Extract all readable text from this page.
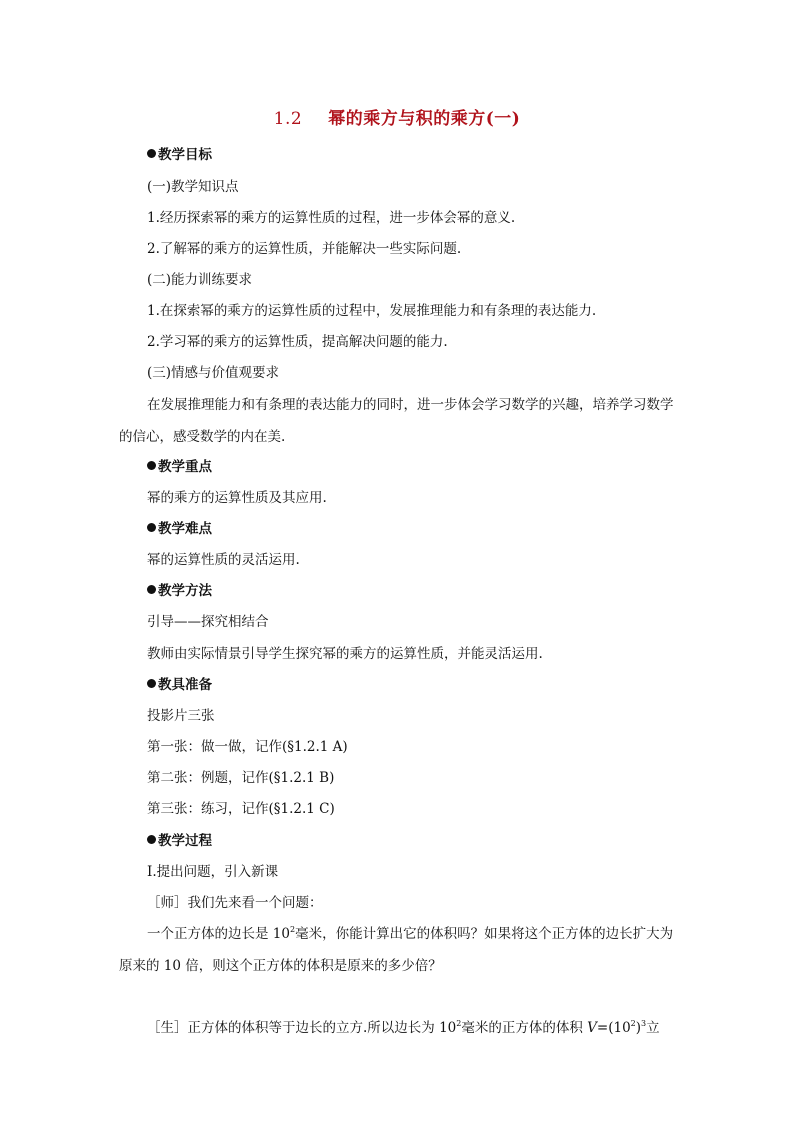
1.2 幂的乘方与积的乘方(一)
教学目标
(一)教学知识点
1.经历探索幂的乘方的运算性质的过程，进一步体会幂的意义.
2.了解幂的乘方的运算性质，并能解决一些实际问题.
(二)能力训练要求
1.在探索幂的乘方的运算性质的过程中，发展推理能力和有条理的表达能力.
2.学习幂的乘方的运算性质，提高解决问题的能力.
(三)情感与价值观要求
在发展推理能力和有条理的表达能力的同时，进一步体会学习数学的兴趣，培养学习数学的信心，感受数学的内在美.
教学重点
幂的乘方的运算性质及其应用.
教学难点
幂的运算性质的灵活运用.
教学方法
引导——探究相结合
教师由实际情景引导学生探究幂的乘方的运算性质，并能灵活运用.
教具准备
投影片三张
第一张：做一做，记作(§1.2.1 A)
第二张：例题，记作(§1.2.1 B)
第三张：练习，记作(§1.2.1 C)
教学过程
Ⅰ.提出问题，引入新课
［师］我们先来看一个问题：
一个正方体的边长是 $10^2$毫米，你能计算出它的体积吗？如果将这个正方体的边长扩大为原来的 10 倍，则这个正方体的体积是原来的多少倍？
［生］正方体的体积等于边长的立方.所以边长为 $10^2$毫米的正方体的体积 $V=(10^2)^3$立
